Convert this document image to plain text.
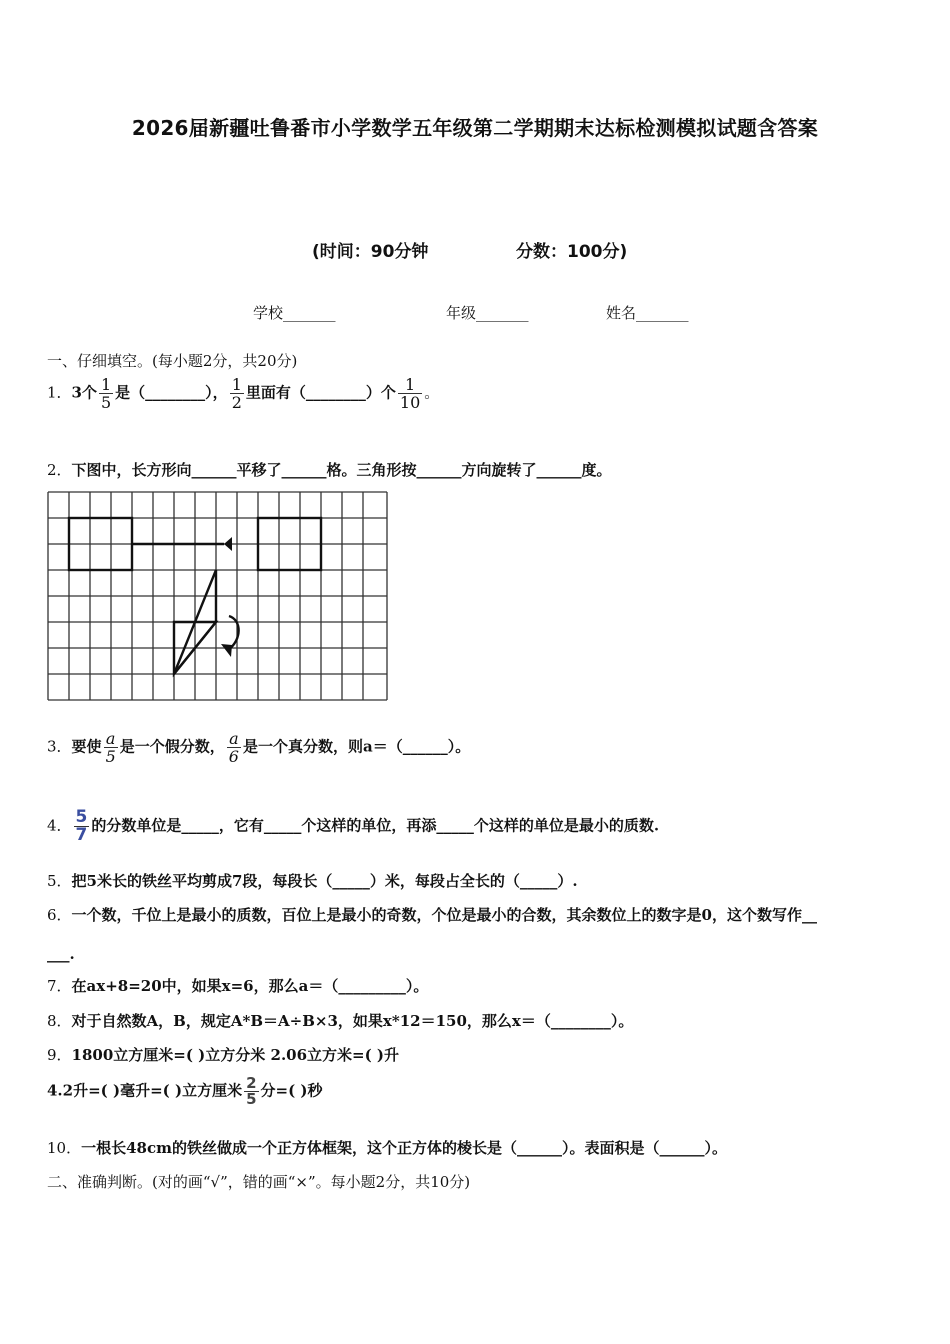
2026届新疆吐鲁番市小学数学五年级第二学期期末达标检测模拟试题含答案
(时间：90分钟	分数：100分)
学校_______	年级_______	姓名_______
一、仔细填空。(每小题2分，共20分)
1．3个 $\frac{1}{5}$ 是（________）， $\frac{1}{2}$ 里面有（________）个 $\frac{1}{10}$ 。
2．下图中，长方形向______平移了______格。三角形按______方向旋转了______度。
3．要使 $\frac{a}{5}$ 是一个假分数， $\frac{a}{6}$ 是一个真分数，则a＝（______）。
4． $\frac{5}{7}$ 的分数单位是_____，它有_____个这样的单位，再添_____个这样的单位是最小的质数.
5．把5米长的铁丝平均剪成7段，每段长（_____）米，每段占全长的（_____）.
6．一个数，千位上是最小的质数，百位上是最小的奇数，个位是最小的合数，其余数位上的数字是0，这个数写作__
___.
7．在ax+8=20中，如果x=6，那么a＝（_________）。
8．对于自然数A，B，规定A*B＝A÷B×3，如果x*12＝150，那么x＝（________）。
9．1800立方厘米=( )立方分米 2.06立方米=( )升
4.2升=( )毫升=( )立方厘米 $\frac{2}{5}$ 分=( )秒
10．一根长48cm的铁丝做成一个正方体框架，这个正方体的棱长是（______）。表面积是（______）。
二、准确判断。(对的画“√”，错的画“×”。每小题2分，共10分)
